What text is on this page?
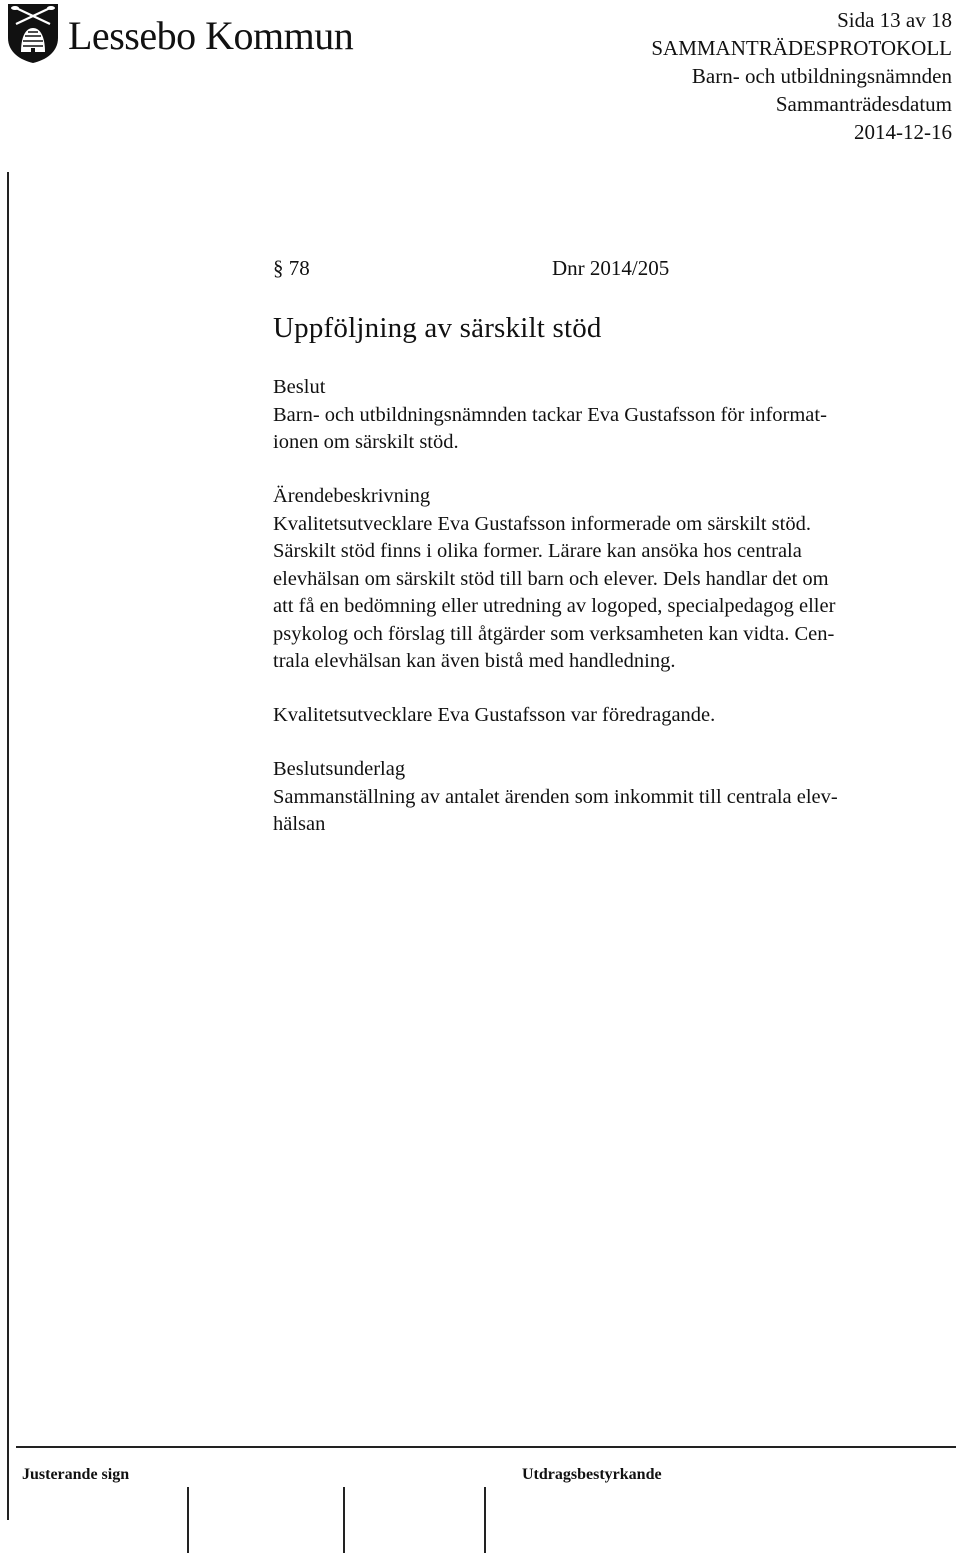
Lessebo Kommun	Sida 13 av 18
SAMMANTRÄDESPROTOKOLL
Barn- och utbildningsnämnden
Sammanträdesdatum
2014-12-16
§ 78	Dnr 2014/205
Uppföljning av särskilt stöd
Beslut
Barn- och utbildningsnämnden tackar Eva Gustafsson för informat-
ionen om särskilt stöd.
Ärendebeskrivning
Kvalitetsutvecklare Eva Gustafsson informerade om särskilt stöd.
Särskilt stöd finns i olika former. Lärare kan ansöka hos centrala
elevhälsan om särskilt stöd till barn och elever. Dels handlar det om
att få en bedömning eller utredning av logoped, specialpedagog eller
psykolog och förslag till åtgärder som verksamheten kan vidta. Cen-
trala elevhälsan kan även bistå med handledning.
Kvalitetsutvecklare Eva Gustafsson var föredragande.
Beslutsunderlag
Sammanställning av antalet ärenden som inkommit till centrala elev-
hälsan
Justerande sign	Utdragsbestyrkande
